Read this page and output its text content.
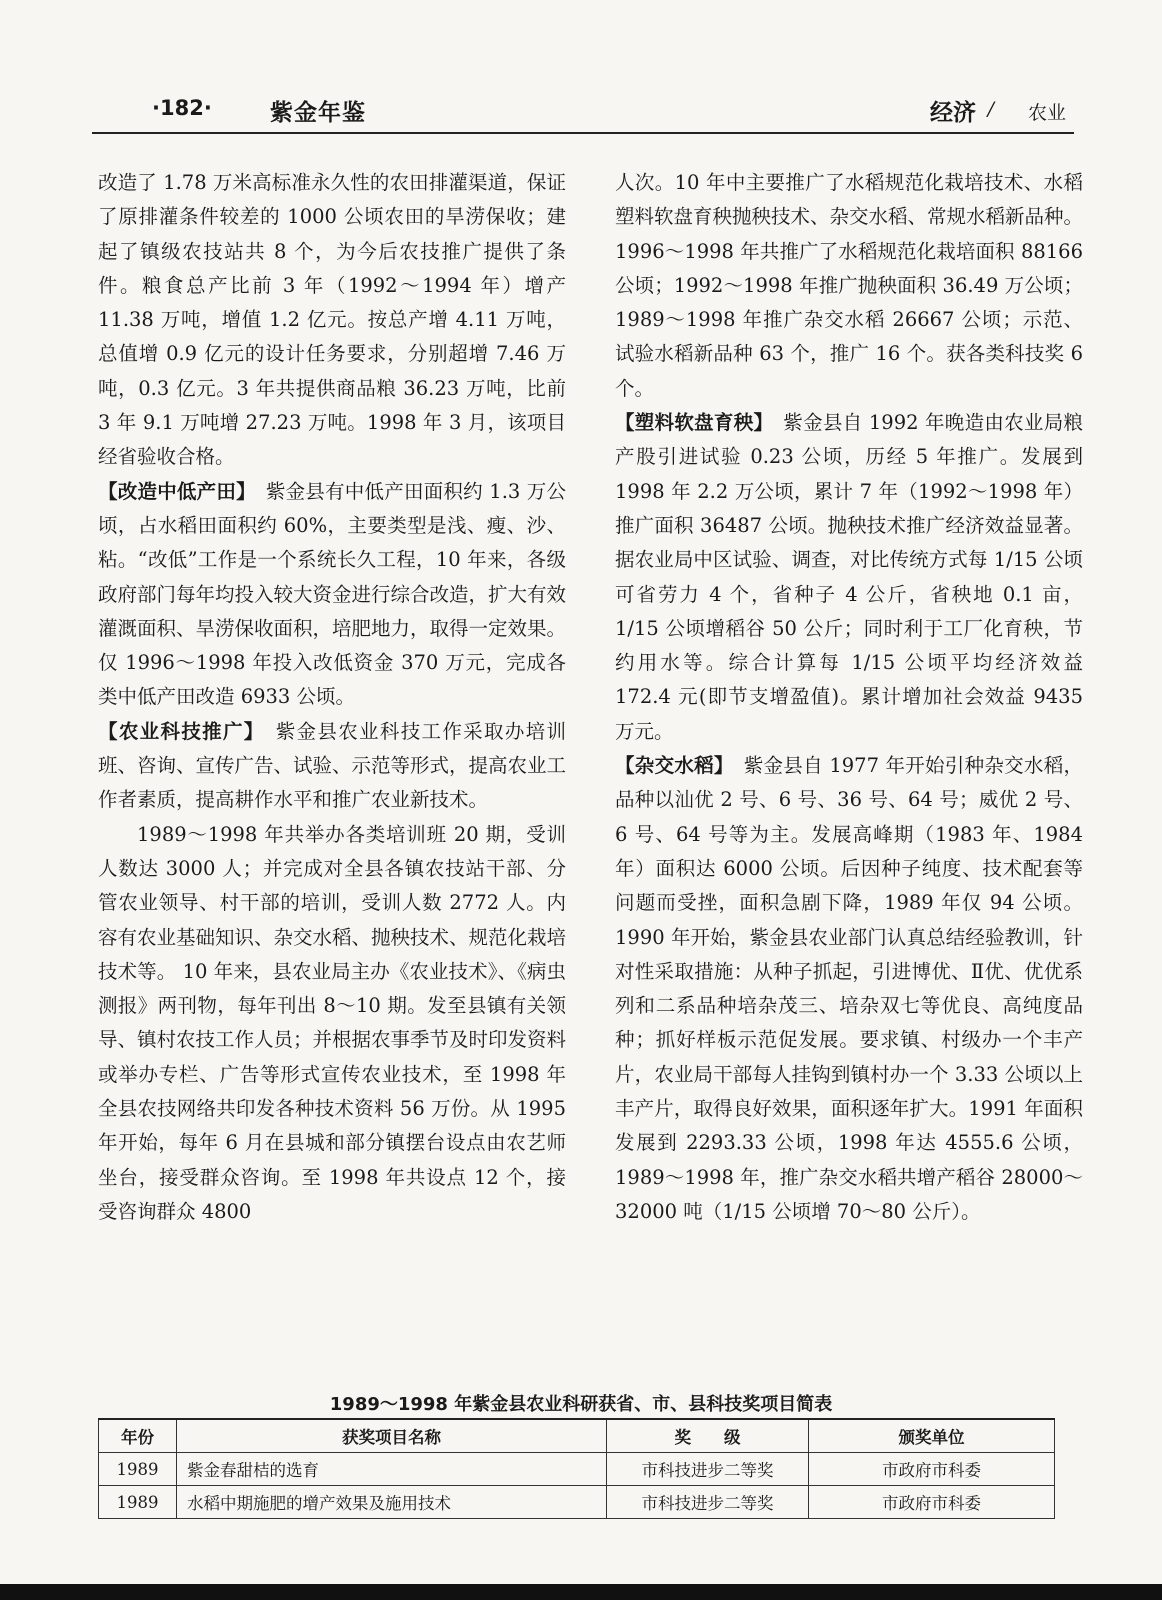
·182·	紫金年鉴	经济 / 农业

改造了 1.78 万米高标准永久性的农田排灌渠道，保证了原排灌条件较差的 1000 公顷农田的旱涝保收；建起了镇级农技站共 8 个，为今后农技推广提供了条件。粮食总产比前 3 年（1992～1994 年）增产 11.38 万吨，增值 1.2 亿元。按总产增 4.11 万吨，总值增 0.9 亿元的设计任务要求，分别超增 7.46 万吨，0.3 亿元。3 年共提供商品粮 36.23 万吨，比前 3 年 9.1 万吨增 27.23 万吨。1998 年 3 月，该项目经省验收合格。

【改造中低产田】　紫金县有中低产田面积约 1.3 万公顷，占水稻田面积约 60%，主要类型是浅、瘦、沙、粘。“改低”工作是一个系统长久工程，10 年来，各级政府部门每年均投入较大资金进行综合改造，扩大有效灌溉面积、旱涝保收面积，培肥地力，取得一定效果。仅 1996～1998 年投入改低资金 370 万元，完成各类中低产田改造 6933 公顷。

【农业科技推广】　紫金县农业科技工作采取办培训班、咨询、宣传广告、试验、示范等形式，提高农业工作者素质，提高耕作水平和推广农业新技术。

1989～1998 年共举办各类培训班 20 期，受训人数达 3000 人；并完成对全县各镇农技站干部、分管农业领导、村干部的培训，受训人数 2772 人。内容有农业基础知识、杂交水稻、抛秧技术、规范化栽培技术等。 10 年来，县农业局主办《农业技术》、《病虫测报》两刊物，每年刊出 8～10 期。发至县镇有关领导、镇村农技工作人员；并根据农事季节及时印发资料或举办专栏、广告等形式宣传农业技术，至 1998 年全县农技网络共印发各种技术资料 56 万份。从 1995 年开始，每年 6 月在县城和部分镇摆台设点由农艺师坐台，接受群众咨询。至 1998 年共设点 12 个，接受咨询群众 4800

人次。10 年中主要推广了水稻规范化栽培技术、水稻塑料软盘育秧抛秧技术、杂交水稻、常规水稻新品种。1996～1998 年共推广了水稻规范化栽培面积 88166 公顷；1992～1998 年推广抛秧面积 36.49 万公顷；1989～1998 年推广杂交水稻 26667 公顷；示范、试验水稻新品种 63 个，推广 16 个。获各类科技奖 6 个。

【塑料软盘育秧】　紫金县自 1992 年晚造由农业局粮产股引进试验 0.23 公顷，历经 5 年推广。发展到 1998 年 2.2 万公顷，累计 7 年（1992～1998 年）推广面积 36487 公顷。抛秧技术推广经济效益显著。据农业局中区试验、调查，对比传统方式每 1/15 公顷可省劳力 4 个，省种子 4 公斤，省秧地 0.1 亩，1/15 公顷增稻谷 50 公斤；同时利于工厂化育秧，节约用水等。综合计算每 1/15 公顷平均经济效益 172.4 元(即节支增盈值)。累计增加社会效益 9435 万元。

【杂交水稻】　紫金县自 1977 年开始引种杂交水稻，品种以汕优 2 号、6 号、36 号、64 号；威优 2 号、6 号、64 号等为主。发展高峰期（1983 年、1984 年）面积达 6000 公顷。后因种子纯度、技术配套等问题而受挫，面积急剧下降，1989 年仅 94 公顷。1990 年开始，紫金县农业部门认真总结经验教训，针对性采取措施：从种子抓起，引进博优、Ⅱ优、优优系列和二系品种培杂茂三、培杂双七等优良、高纯度品种；抓好样板示范促发展。要求镇、村级办一个丰产片，农业局干部每人挂钩到镇村办一个 3.33 公顷以上丰产片，取得良好效果，面积逐年扩大。1991 年面积发展到 2293.33 公顷，1998 年达 4555.6 公顷，1989～1998 年，推广杂交水稻共增产稻谷 28000～32000 吨（1/15 公顷增 70～80 公斤）。

1989～1998 年紫金县农业科研获省、市、县科技奖项目简表
年份	获奖项目名称	奖　　级	颁奖单位
1989	紫金春甜桔的选育	市科技进步二等奖	市政府市科委
1989	水稻中期施肥的增产效果及施用技术	市科技进步二等奖	市政府市科委
